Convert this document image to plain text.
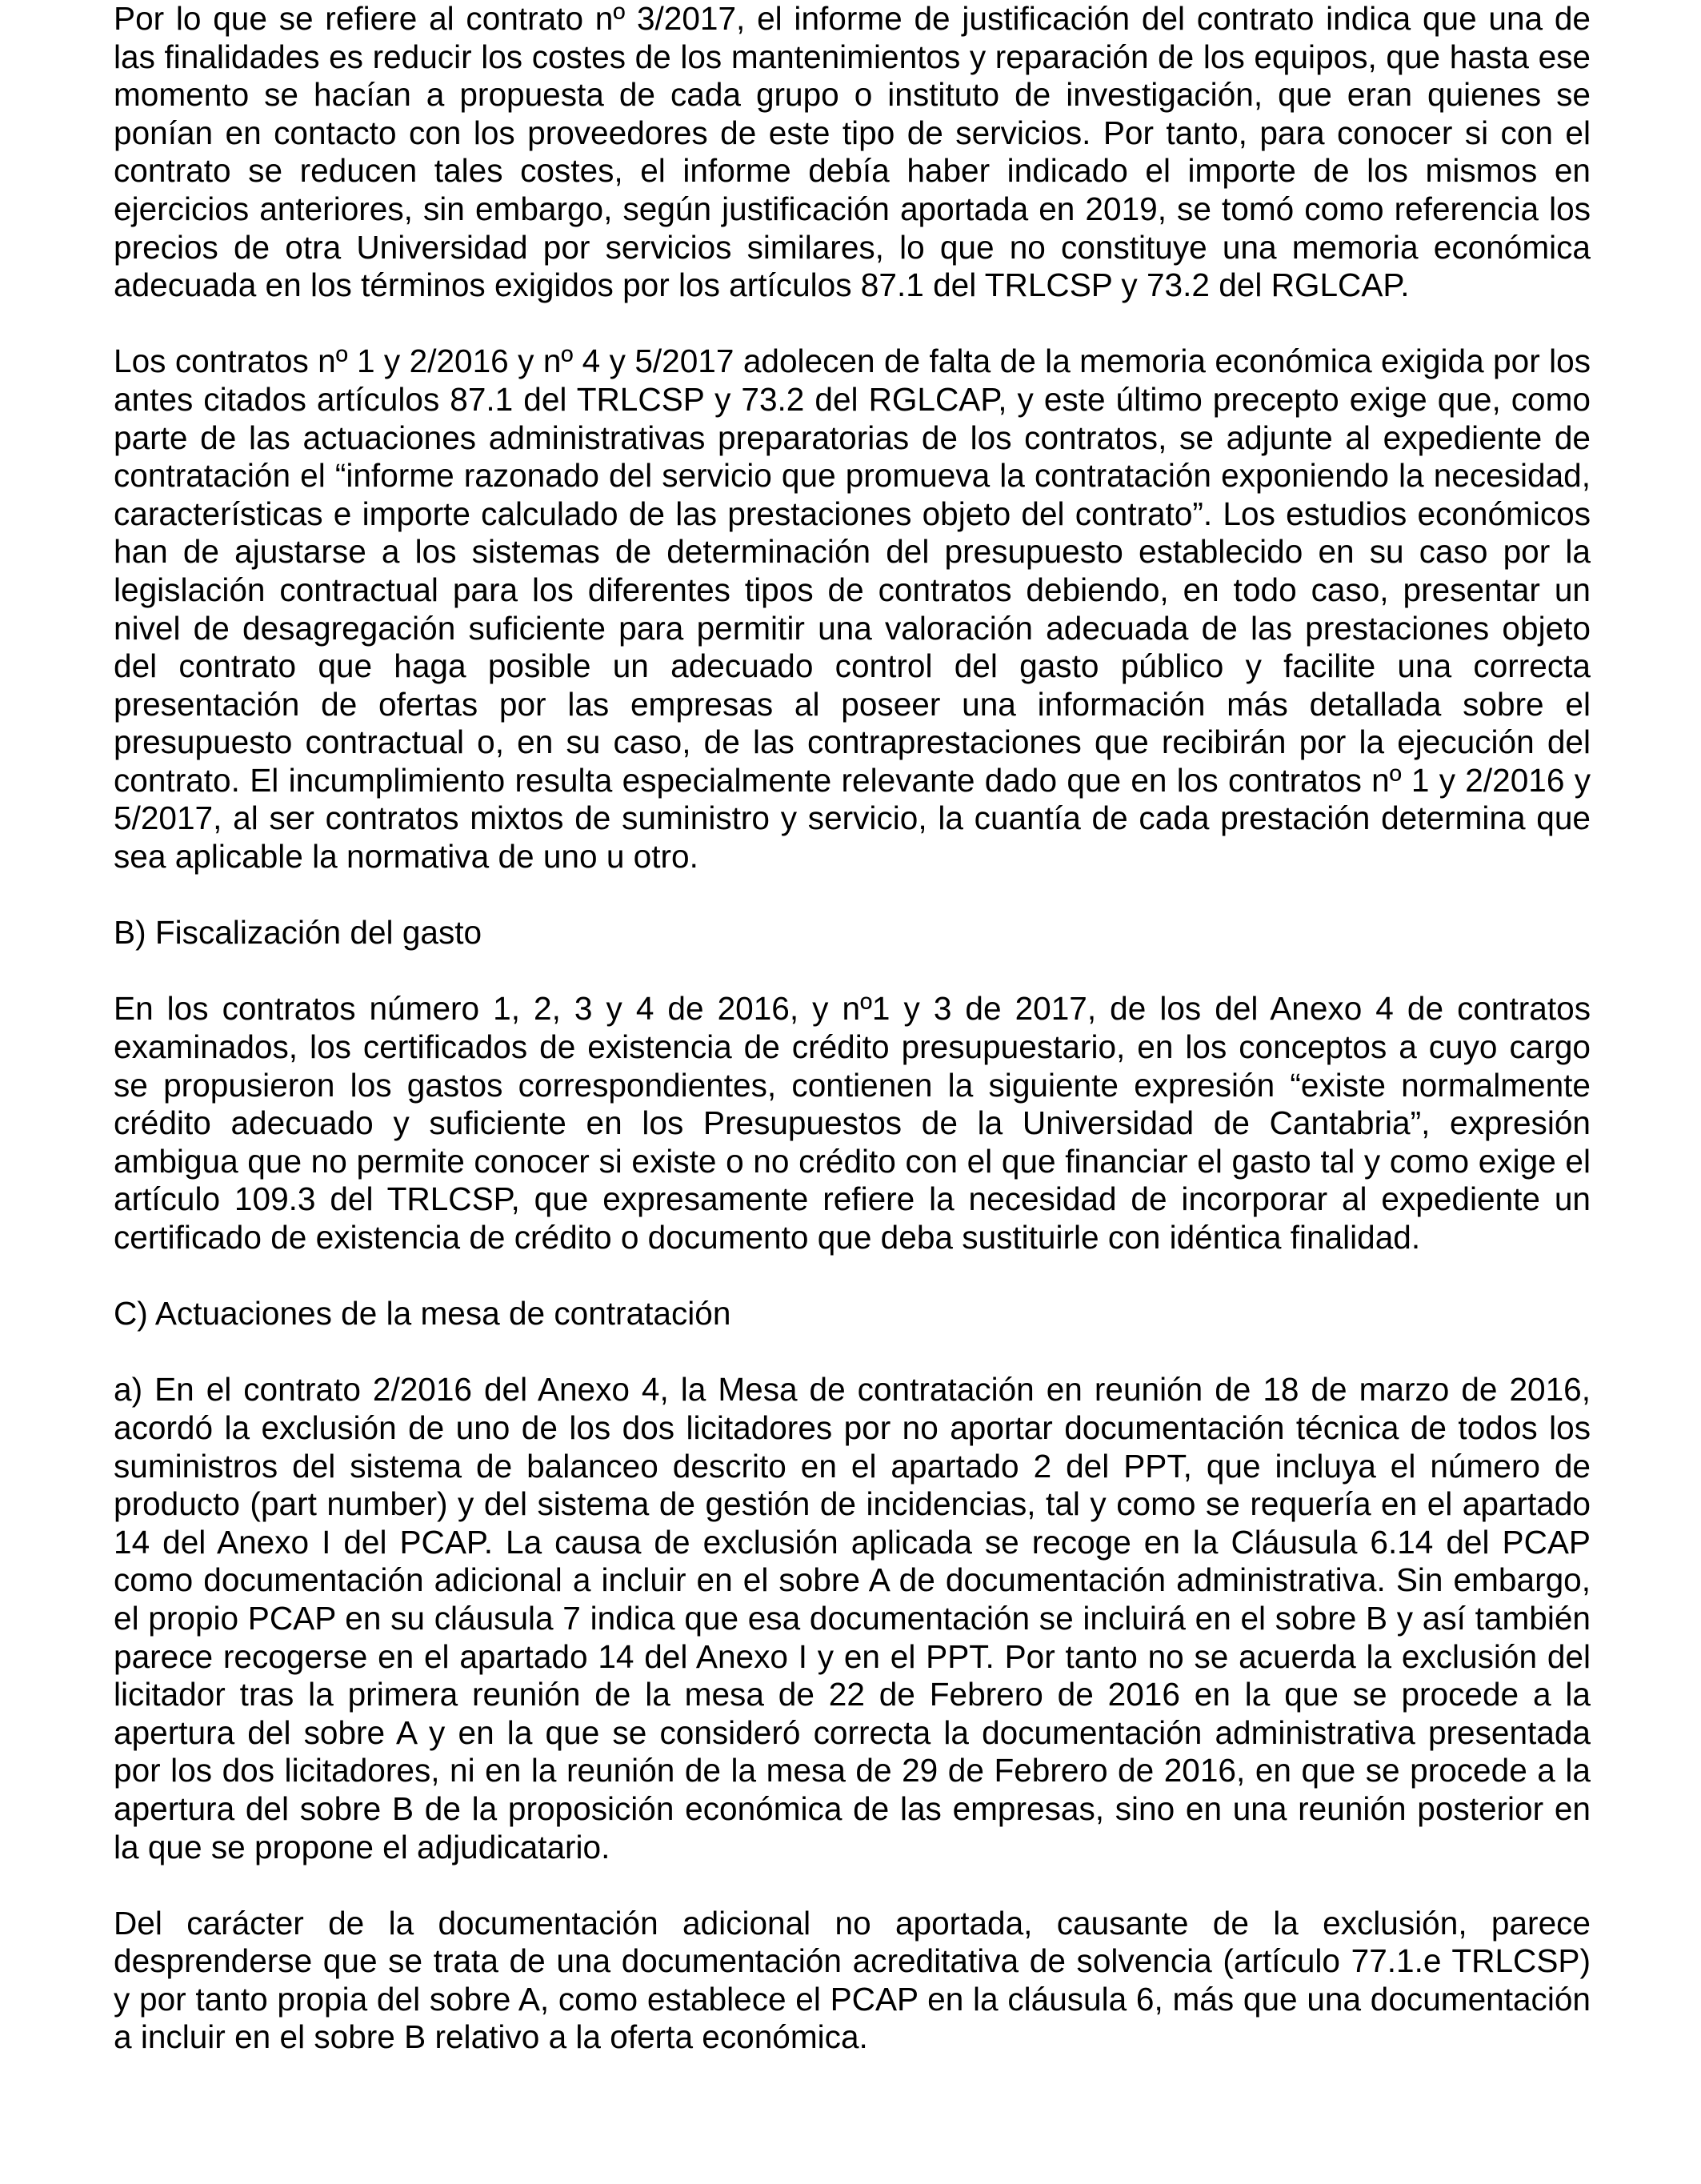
Por lo que se refiere al contrato nº 3/2017, el informe de justificación del contrato indica que una de las finalidades es reducir los costes de los mantenimientos y reparación de los equipos, que hasta ese momento se hacían a propuesta de cada grupo o instituto de investigación, que eran quienes se ponían en contacto con los proveedores de este tipo de servicios. Por tanto, para conocer si con el contrato se reducen tales costes, el informe debía haber indicado el importe de los mismos en ejercicios anteriores, sin embargo, según justificación aportada en 2019, se tomó como referencia los precios de otra Universidad por servicios similares, lo que no constituye una memoria económica adecuada en los términos exigidos por los artículos 87.1 del TRLCSP y 73.2 del RGLCAP.

Los contratos nº 1 y 2/2016 y nº 4 y 5/2017 adolecen de falta de la memoria económica exigida por los antes citados artículos 87.1 del TRLCSP y 73.2 del RGLCAP, y este último precepto exige que, como parte de las actuaciones administrativas preparatorias de los contratos, se adjunte al expediente de contratación el “informe razonado del servicio que promueva la contratación exponiendo la necesidad, características e importe calculado de las prestaciones objeto del contrato”. Los estudios económicos han de ajustarse a los sistemas de determinación del presupuesto establecido en su caso por la legislación contractual para los diferentes tipos de contratos debiendo, en todo caso, presentar un nivel de desagregación suficiente para permitir una valoración adecuada de las prestaciones objeto del contrato que haga posible un adecuado control del gasto público y facilite una correcta presentación de ofertas por las empresas al poseer una información más detallada sobre el presupuesto contractual o, en su caso, de las contraprestaciones que recibirán por la ejecución del contrato. El incumplimiento resulta especialmente relevante dado que en los contratos nº 1 y 2/2016 y 5/2017, al ser contratos mixtos de suministro y servicio, la cuantía de cada prestación determina que sea aplicable la normativa de uno u otro.

B) Fiscalización del gasto

En los contratos número 1, 2, 3 y 4 de 2016, y nº1 y 3 de 2017, de los del Anexo 4 de contratos examinados, los certificados de existencia de crédito presupuestario, en los conceptos a cuyo cargo se propusieron los gastos correspondientes, contienen la siguiente expresión “existe normalmente crédito adecuado y suficiente en los Presupuestos de la Universidad de Cantabria”, expresión ambigua que no permite conocer si existe o no crédito con el que financiar el gasto tal y como exige el artículo 109.3 del TRLCSP, que expresamente refiere la necesidad de incorporar al expediente un certificado de existencia de crédito o documento que deba sustituirle con idéntica finalidad.

C) Actuaciones de la mesa de contratación

a) En el contrato 2/2016 del Anexo 4, la Mesa de contratación en reunión de 18 de marzo de 2016, acordó la exclusión de uno de los dos licitadores por no aportar documentación técnica de todos los suministros del sistema de balanceo descrito en el apartado 2 del PPT, que incluya el número de producto (part number) y del sistema de gestión de incidencias, tal y como se requería en el apartado 14 del Anexo I del PCAP. La causa de exclusión aplicada se recoge en la Cláusula 6.14 del PCAP como documentación adicional a incluir en el sobre A de documentación administrativa. Sin embargo, el propio PCAP en su cláusula 7 indica que esa documentación se incluirá en el sobre B y así también parece recogerse en el apartado 14 del Anexo I y en el PPT. Por tanto no se acuerda la exclusión del licitador tras la primera reunión de la mesa de 22 de Febrero de 2016 en la que se procede a la apertura del sobre A y en la que se consideró correcta la documentación administrativa presentada por los dos licitadores, ni en la reunión de la mesa de 29 de Febrero de 2016, en que se procede a la apertura del sobre B de la proposición económica de las empresas, sino en una reunión posterior en la que se propone el adjudicatario.

Del carácter de la documentación adicional no aportada, causante de la exclusión, parece desprenderse que se trata de una documentación acreditativa de solvencia (artículo 77.1.e TRLCSP) y por tanto propia del sobre A, como establece el PCAP en la cláusula 6, más que una documentación a incluir en el sobre B relativo a la oferta económica.
